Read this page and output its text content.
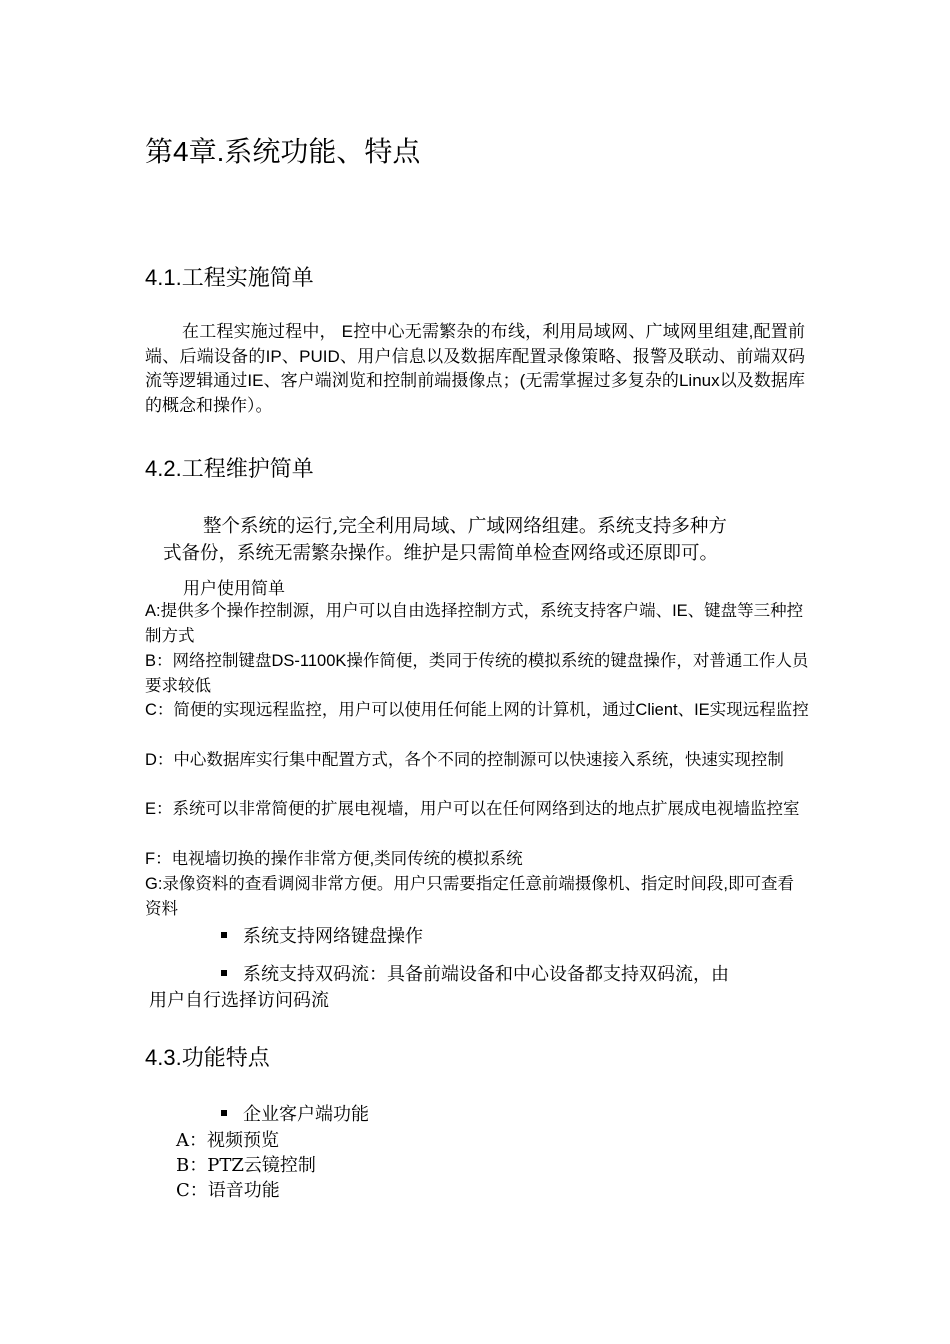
第4章.系统功能、特点
4.1.工程实施简单

在工程实施过程中， E控中心无需繁杂的布线，利用局域网、广域网里组建,配置前端、后端设备的IP、PUID、用户信息以及数据库配置录像策略、报警及联动、前端双码流等逻辑通过IE、客户端浏览和控制前端摄像点；(无需掌握过多复杂的Linux以及数据库的概念和操作）。

4.2.工程维护简单

整个系统的运行,完全利用局域、广域网络组建。系统支持多种方

式备份，系统无需繁杂操作。维护是只需简单检查网络或还原即可。

用户使用简单

A:提供多个操作控制源，用户可以自由选择控制方式，系统支持客户端、IE、键盘等三种控制方式

B：网络控制键盘DS-1100K操作简便，类同于传统的模拟系统的键盘操作，对普通工作人员要求较低

C：简便的实现远程监控，用户可以使用任何能上网的计算机，通过Client、IE实现远程监控

D：中心数据库实行集中配置方式，各个不同的控制源可以快速接入系统，快速实现控制

E：系统可以非常简便的扩展电视墙，用户可以在任何网络到达的地点扩展成电视墙监控室

F：电视墙切换的操作非常方便,类同传统的模拟系统

G:录像资料的查看调阅非常方便。用户只需要指定任意前端摄像机、指定时间段,即可查看资料

系统支持网络键盘操作
系统支持双码流：具备前端设备和中心设备都支持双码流，由

用户自行选择访问码流

4.3.功能特点
企业客户端功能

A：视频预览

B：PTZ云镜控制

C：语音功能
